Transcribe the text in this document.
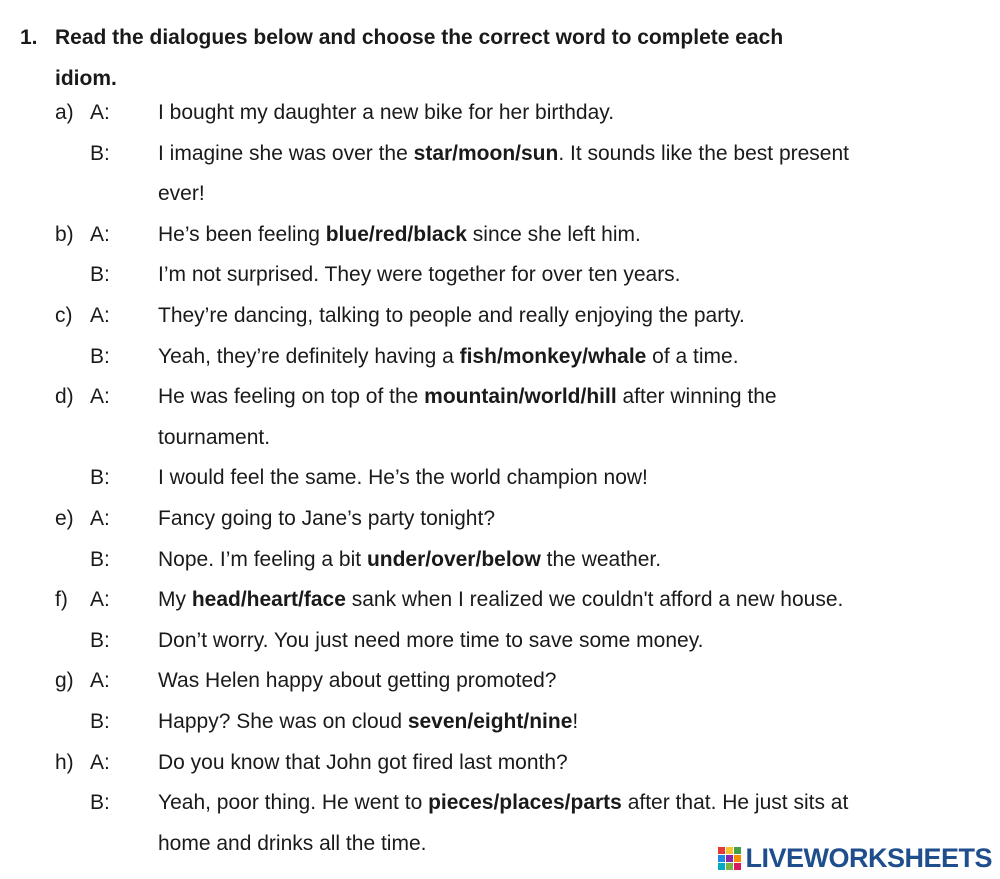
1. Read the dialogues below and choose the correct word to complete each
idiom.
a) A:	I bought my daughter a new bike for her birthday.
B:	I imagine she was over the star/moon/sun. It sounds like the best present
ever!
b) A:	He’s been feeling blue/red/black since she left him.
B:	I’m not surprised. They were together for over ten years.
c) A:	They’re dancing, talking to people and really enjoying the party.
B:	Yeah, they’re definitely having a fish/monkey/whale of a time.
d) A:	He was feeling on top of the mountain/world/hill after winning the
tournament.
B:	I would feel the same. He’s the world champion now!
e) A:	Fancy going to Jane’s party tonight?
B:	Nope. I’m feeling a bit under/over/below the weather.
f)	A:	My head/heart/face sank when I realized we couldn't afford a new house.
B:	Don’t worry. You just need more time to save some money.
g) A:	Was Helen happy about getting promoted?
B:	Happy? She was on cloud seven/eight/nine!
h) A:	Do you know that John got fired last month?
B:	Yeah, poor thing. He went to pieces/places/parts after that. He just sits at
home and drinks all the time.	LIVEWORKSHEETS
